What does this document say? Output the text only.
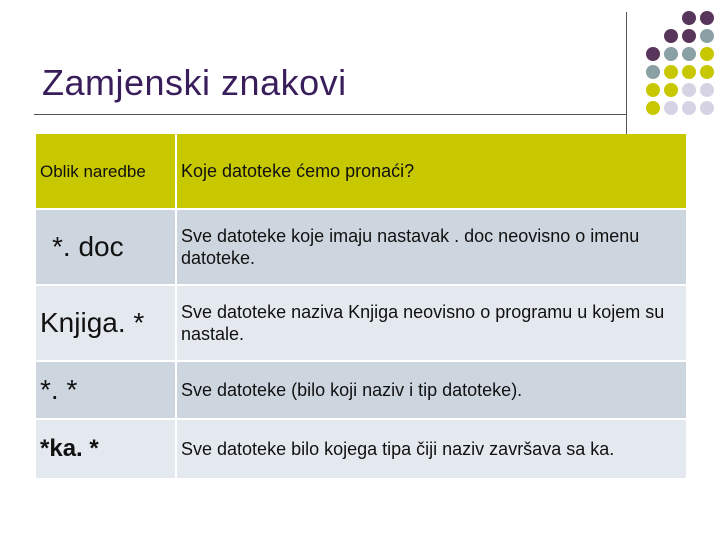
Zamjenski znakovi
Oblik naredbe	Koje datoteke ćemo pronaći?
*. doc	Sve datoteke koje imaju nastavak . doc neovisno o imenu datoteke.
Knjiga. *	Sve datoteke naziva Knjiga neovisno o programu u kojem su nastale.
*. *	Sve datoteke (bilo koji naziv i tip datoteke).
*ka. *	Sve datoteke bilo kojega tipa čiji naziv završava sa ka.
